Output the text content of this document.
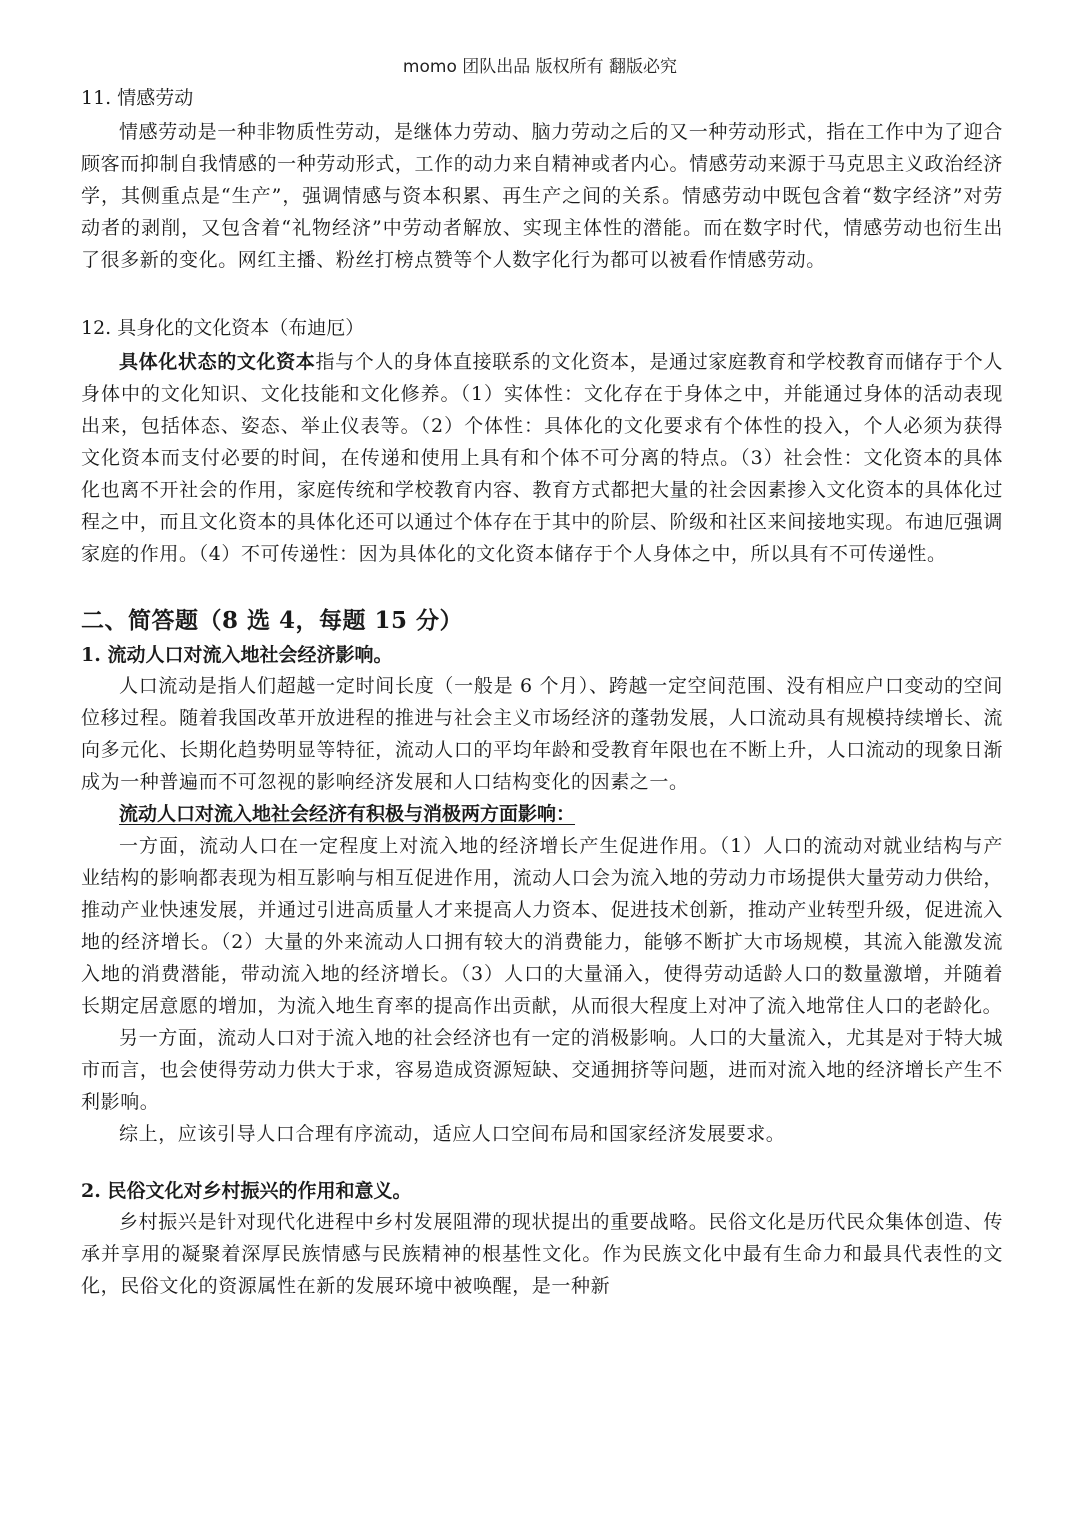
momo 团队出品 版权所有 翻版必究

11. 情感劳动

情感劳动是一种非物质性劳动，是继体力劳动、脑力劳动之后的又一种劳动形式，指在工作中为了迎合顾客而抑制自我情感的一种劳动形式，工作的动力来自精神或者内心。情感劳动来源于马克思主义政治经济学，其侧重点是“生产”，强调情感与资本积累、再生产之间的关系。情感劳动中既包含着“数字经济”对劳动者的剥削，又包含着“礼物经济”中劳动者解放、实现主体性的潜能。而在数字时代，情感劳动也衍生出了很多新的变化。网红主播、粉丝打榜点赞等个人数字化行为都可以被看作情感劳动。

12. 具身化的文化资本（布迪厄）

具体化状态的文化资本指与个人的身体直接联系的文化资本，是通过家庭教育和学校教育而储存于个人身体中的文化知识、文化技能和文化修养。（1）实体性：文化存在于身体之中，并能通过身体的活动表现出来，包括体态、姿态、举止仪表等。（2）个体性：具体化的文化要求有个体性的投入，个人必须为获得文化资本而支付必要的时间，在传递和使用上具有和个体不可分离的特点。（3）社会性：文化资本的具体化也离不开社会的作用，家庭传统和学校教育内容、教育方式都把大量的社会因素掺入文化资本的具体化过程之中，而且文化资本的具体化还可以通过个体存在于其中的阶层、阶级和社区来间接地实现。布迪厄强调家庭的作用。（4）不可传递性：因为具体化的文化资本储存于个人身体之中，所以具有不可传递性。

二、简答题（8 选 4，每题 15 分）

1. 流动人口对流入地社会经济影响。

人口流动是指人们超越一定时间长度（一般是 6 个月）、跨越一定空间范围、没有相应户口变动的空间位移过程。随着我国改革开放进程的推进与社会主义市场经济的蓬勃发展，人口流动具有规模持续增长、流向多元化、长期化趋势明显等特征，流动人口的平均年龄和受教育年限也在不断上升，人口流动的现象日渐成为一种普遍而不可忽视的影响经济发展和人口结构变化的因素之一。

流动人口对流入地社会经济有积极与消极两方面影响：

一方面，流动人口在一定程度上对流入地的经济增长产生促进作用。（1）人口的流动对就业结构与产业结构的影响都表现为相互影响与相互促进作用，流动人口会为流入地的劳动力市场提供大量劳动力供给，推动产业快速发展，并通过引进高质量人才来提高人力资本、促进技术创新，推动产业转型升级，促进流入地的经济增长。（2）大量的外来流动人口拥有较大的消费能力，能够不断扩大市场规模，其流入能激发流入地的消费潜能，带动流入地的经济增长。（3）人口的大量涌入，使得劳动适龄人口的数量激增，并随着长期定居意愿的增加，为流入地生育率的提高作出贡献，从而很大程度上对冲了流入地常住人口的老龄化。

另一方面，流动人口对于流入地的社会经济也有一定的消极影响。人口的大量流入，尤其是对于特大城市而言，也会使得劳动力供大于求，容易造成资源短缺、交通拥挤等问题，进而对流入地的经济增长产生不利影响。

综上，应该引导人口合理有序流动，适应人口空间布局和国家经济发展要求。

2. 民俗文化对乡村振兴的作用和意义。

乡村振兴是针对现代化进程中乡村发展阻滞的现状提出的重要战略。民俗文化是历代民众集体创造、传承并享用的凝聚着深厚民族情感与民族精神的根基性文化。作为民族文化中最有生命力和最具代表性的文化，民俗文化的资源属性在新的发展环境中被唤醒，是一种新
